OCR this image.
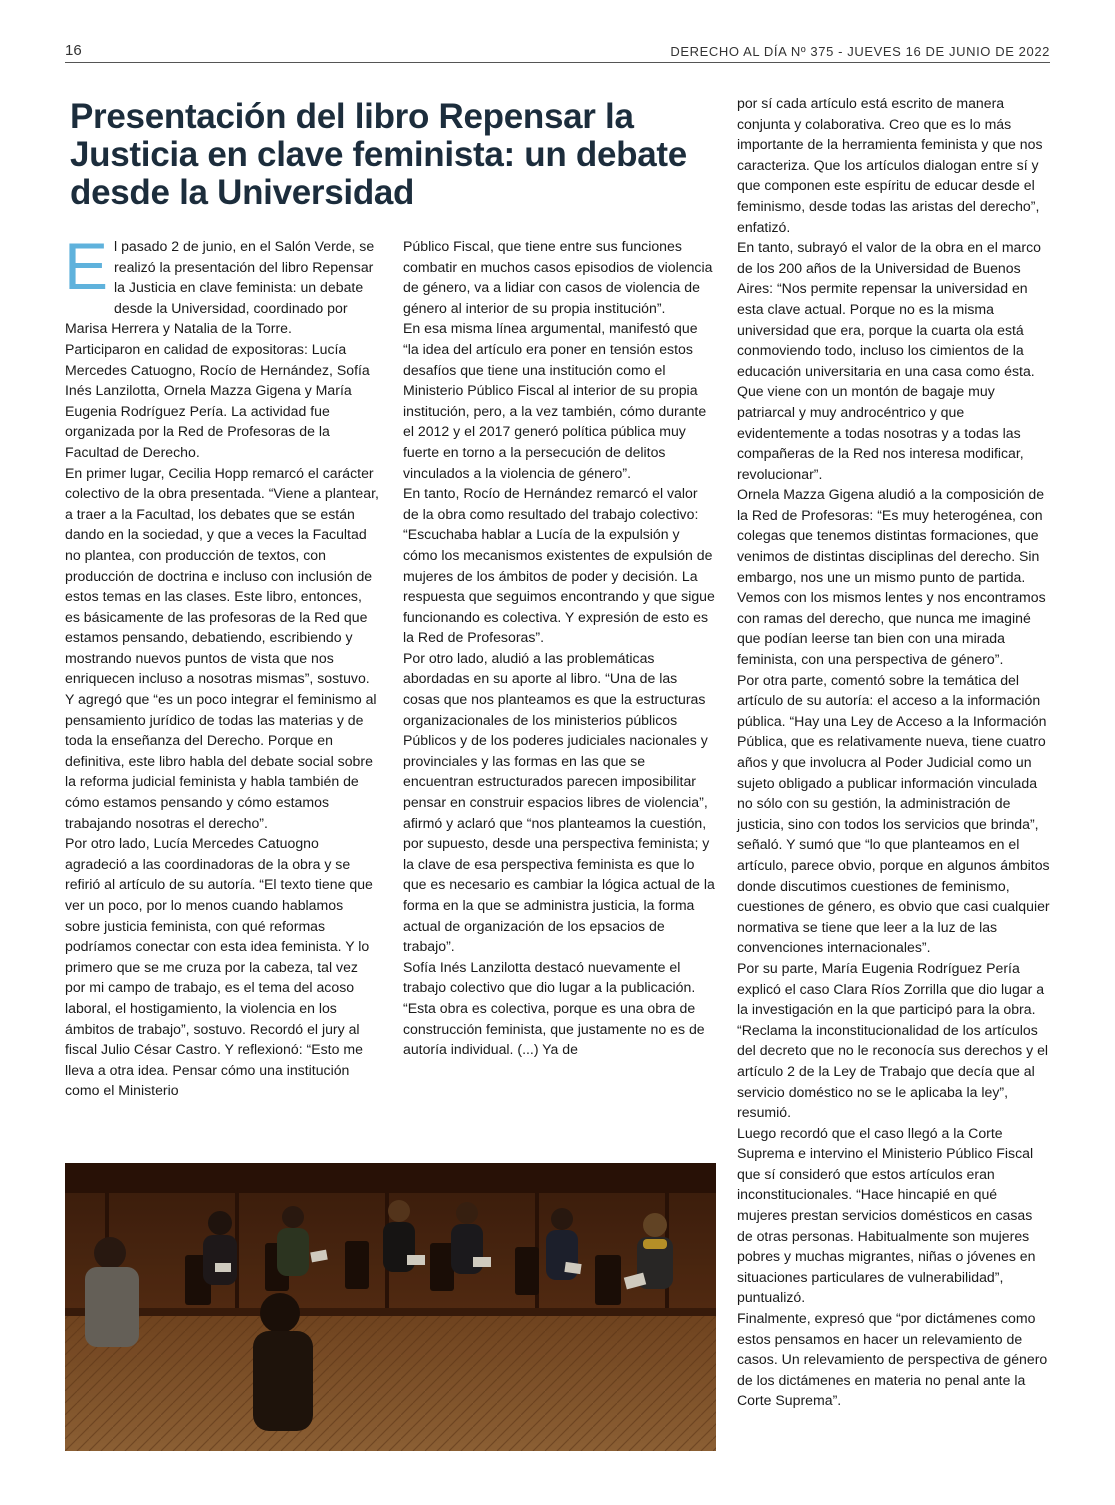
16	DERECHO AL DÍA Nº 375 - JUEVES 16 DE JUNIO DE 2022
Presentación del libro Repensar la Justicia en clave feminista: un debate desde la Universidad
E l pasado 2 de junio, en el Salón Verde, se realizó la presentación del libro Repensar la Justicia en clave feminista: un debate desde la Universidad, coordinado por Marisa Herrera y Natalia de la Torre.

Participaron en calidad de expositoras: Lucía Mercedes Catuogno, Rocío de Hernández, Sofía Inés Lanzilotta, Ornela Mazza Gigena y María Eugenia Rodríguez Pería. La actividad fue organizada por la Red de Profesoras de la Facultad de Derecho.

En primer lugar, Cecilia Hopp remarcó el carácter colectivo de la obra presentada. “Viene a plantear, a traer a la Facultad, los debates que se están dando en la sociedad, y que a veces la Facultad no plantea, con producción de textos, con producción de doctrina e incluso con inclusión de estos temas en las clases. Este libro, entonces, es básicamente de las profesoras de la Red que estamos pensando, debatiendo, escribiendo y mostrando nuevos puntos de vista que nos enriquecen incluso a nosotras mismas”, sostuvo. Y agregó que “es un poco integrar el feminismo al pensamiento jurídico de todas las materias y de toda la enseñanza del Derecho. Porque en definitiva, este libro habla del debate social sobre la reforma judicial feminista y habla también de cómo estamos pensando y cómo estamos trabajando nosotras el derecho”.

Por otro lado, Lucía Mercedes Catuogno agradeció a las coordinadoras de la obra y se refirió al artículo de su autoría. “El texto tiene que ver un poco, por lo menos cuando hablamos sobre justicia feminista, con qué reformas podríamos conectar con esta idea feminista. Y lo primero que se me cruza por la cabeza, tal vez por mi campo de trabajo, es el tema del acoso laboral, el hostigamiento, la violencia en los ámbitos de trabajo”, sostuvo. Recordó el jury al fiscal Julio César Castro. Y reflexionó: “Esto me lleva a otra idea. Pensar cómo una institución como el Ministerio

Público Fiscal, que tiene entre sus funciones combatir en muchos casos episodios de violencia de género, va a lidiar con casos de violencia de género al interior de su propia institución”.

En esa misma línea argumental, manifestó que “la idea del artículo era poner en tensión estos desafíos que tiene una institución como el Ministerio Público Fiscal al interior de su propia institución, pero, a la vez también, cómo durante el 2012 y el 2017 generó política pública muy fuerte en torno a la persecución de delitos vinculados a la violencia de género”.

En tanto, Rocío de Hernández remarcó el valor de la obra como resultado del trabajo colectivo: “Escuchaba hablar a Lucía de la expulsión y cómo los mecanismos existentes de expulsión de mujeres de los ámbitos de poder y decisión. La respuesta que seguimos encontrando y que sigue funcionando es colectiva. Y expresión de esto es la Red de Profesoras”.

Por otro lado, aludió a las problemáticas abordadas en su aporte al libro. “Una de las cosas que nos planteamos es que la estructuras organizacionales de los ministerios públicos Públicos y de los poderes judiciales nacionales y provinciales y las formas en las que se encuentran estructurados parecen imposibilitar pensar en construir espacios libres de violencia”, afirmó y aclaró que “nos planteamos la cuestión, por supuesto, desde una perspectiva feminista; y la clave de esa perspectiva feminista es que lo que es necesario es cambiar la lógica actual de la forma en la que se administra justicia, la forma actual de organización de los epsacios de trabajo”.

Sofía Inés Lanzilotta destacó nuevamente el trabajo colectivo que dio lugar a la publicación. “Esta obra es colectiva, porque es una obra de construcción feminista, que justamente no es de autoría individual. (...) Ya de

por sí cada artículo está escrito de manera conjunta y colaborativa. Creo que es lo más importante de la herramienta feminista y que nos caracteriza. Que los artículos dialogan entre sí y que componen este espíritu de educar desde el feminismo, desde todas las aristas del derecho”, enfatizó.

En tanto, subrayó el valor de la obra en el marco de los 200 años de la Universidad de Buenos Aires: “Nos permite repensar la universidad en esta clave actual. Porque no es la misma universidad que era, porque la cuarta ola está conmoviendo todo, incluso los cimientos de la educación universitaria en una casa como ésta. Que viene con un montón de bagaje muy patriarcal y muy androcéntrico y que evidentemente a todas nosotras y a todas las compañeras de la Red nos interesa modificar, revolucionar”.

Ornela Mazza Gigena aludió a la composición de la Red de Profesoras: “Es muy heterogénea, con colegas que tenemos distintas formaciones, que venimos de distintas disciplinas del derecho. Sin embargo, nos une un mismo punto de partida. Vemos con los mismos lentes y nos encontramos con ramas del derecho, que nunca me imaginé que podían leerse tan bien con una mirada feminista, con una perspectiva de género”.

Por otra parte, comentó sobre la temática del artículo de su autoría: el acceso a la información pública. “Hay una Ley de Acceso a la Información Pública, que es relativamente nueva, tiene cuatro años y que involucra al Poder Judicial como un sujeto obligado a publicar información vinculada no sólo con su gestión, la administración de justicia, sino con todos los servicios que brinda”, señaló. Y sumó que “lo que planteamos en el artículo, parece obvio, porque en algunos ámbitos donde discutimos cuestiones de feminismo, cuestiones de género, es obvio que casi cualquier normativa se tiene que leer a la luz de las convenciones internacionales”.

Por su parte, María Eugenia Rodríguez Pería explicó el caso Clara Ríos Zorrilla que dio lugar a la investigación en la que participó para la obra. “Reclama la inconstitucionalidad de los artículos del decreto que no le reconocía sus derechos y el artículo 2 de la Ley de Trabajo que decía que al servicio doméstico no se le aplicaba la ley”, resumió.

Luego recordó que el caso llegó a la Corte Suprema e intervino el Ministerio Público Fiscal que sí consideró que estos artículos eran inconstitucionales. “Hace hincapié en qué mujeres prestan servicios domésticos en casas de otras personas. Habitualmente son mujeres pobres y muchas migrantes, niñas o jóvenes en situaciones particulares de vulnerabilidad”, puntualizó.

Finalmente, expresó que “por dictámenes como estos pensamos en hacer un relevamiento de casos. Un relevamiento de perspectiva de género de los dictámenes en materia no penal ante la Corte Suprema”.
